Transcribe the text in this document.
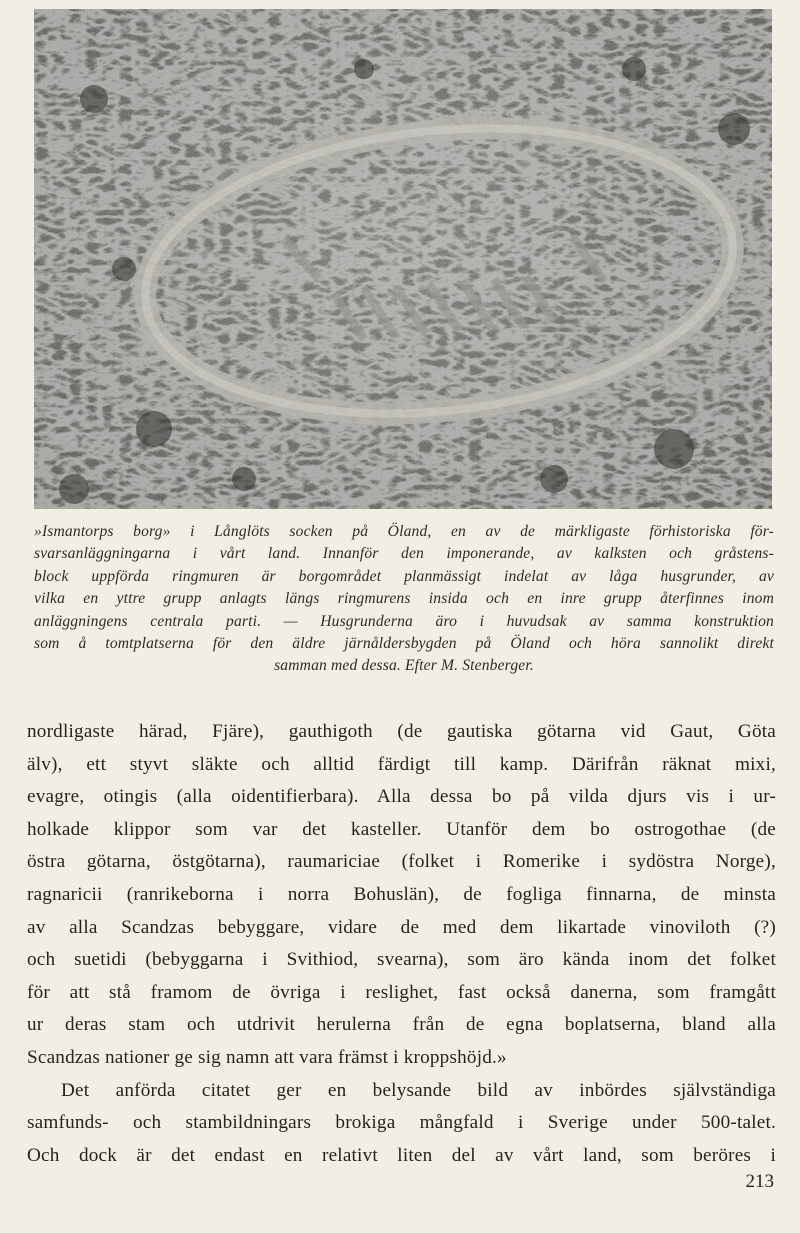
»Ismantorps borg» i Långlöts socken på Öland, en av de märkligaste förhistoriska för-

svarsanläggningarna i vårt land. Innanför den imponerande, av kalksten och gråstens-

block uppförda ringmuren är borgområdet planmässigt indelat av låga husgrunder, av

vilka en yttre grupp anlagts längs ringmurens insida och en inre grupp återfinnes inom

anläggningens centrala parti. — Husgrunderna äro i huvudsak av samma konstruktion

som å tomtplatserna för den äldre järnåldersbygden på Öland och höra sannolikt direkt

samman med dessa. Efter M. Stenberger.

nordligaste härad, Fjäre), gauthigoth (de gautiska götarna vid Gaut, Göta

älv), ett styvt släkte och alltid färdigt till kamp. Därifrån räknat mixi,

evagre, otingis (alla oidentifierbara). Alla dessa bo på vilda djurs vis i ur-

holkade klippor som var det kasteller. Utanför dem bo ostrogothae (de

östra götarna, östgötarna), raumariciae (folket i Romerike i sydöstra Norge),

ragnaricii (ranrikeborna i norra Bohuslän), de fogliga finnarna, de minsta

av alla Scandzas bebyggare, vidare de med dem likartade vinoviloth (?)

och suetidi (bebyggarna i Svithiod, svearna), som äro kända inom det folket

för att stå framom de övriga i reslighet, fast också danerna, som framgått

ur deras stam och utdrivit herulerna från de egna boplatserna, bland alla

Scandzas nationer ge sig namn att vara främst i kroppshöjd.»

Det anförda citatet ger en belysande bild av inbördes självständiga

samfunds- och stambildningars brokiga mångfald i Sverige under 500-talet.

Och dock är det endast en relativt liten del av vårt land, som beröres i

213
